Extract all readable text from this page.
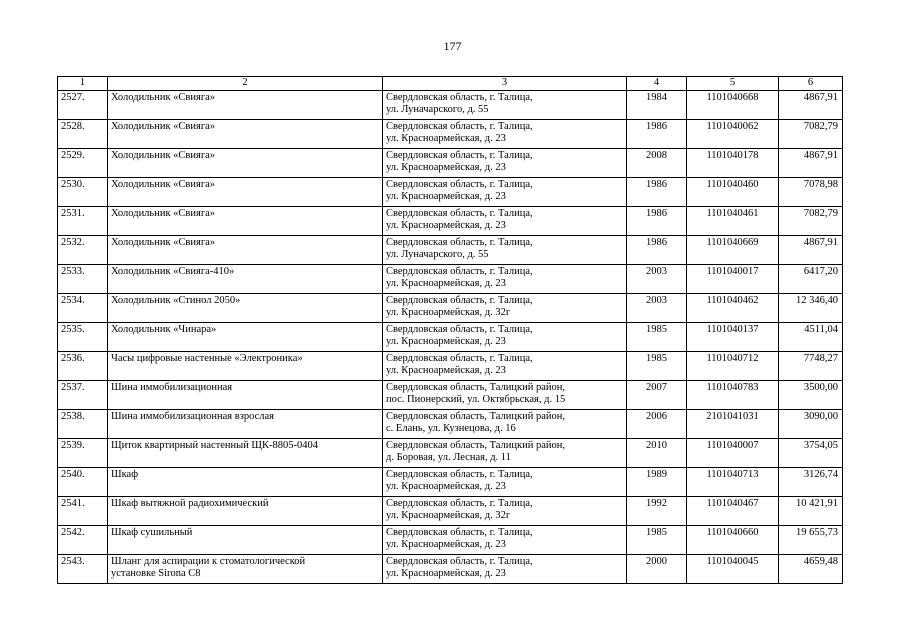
177
1	2	3	4	5	6
2527.	Холодильник «Свияга»	Свердловская область, г. Талица,
ул. Луначарского, д. 55	1984	1101040668	4867,91
2528.	Холодильник «Свияга»	Свердловская область, г. Талица,
ул. Красноармейская, д. 23	1986	1101040062	7082,79
2529.	Холодильник «Свияга»	Свердловская область, г. Талица,
ул. Красноармейская, д. 23	2008	1101040178	4867,91
2530.	Холодильник «Свияга»	Свердловская область, г. Талица,
ул. Красноармейская, д. 23	1986	1101040460	7078,98
2531.	Холодильник «Свияга»	Свердловская область, г. Талица,
ул. Красноармейская, д. 23	1986	1101040461	7082,79
2532.	Холодильник «Свияга»	Свердловская область, г. Талица,
ул. Луначарского, д. 55	1986	1101040669	4867,91
2533.	Холодильник «Свияга-410»	Свердловская область, г. Талица,
ул. Красноармейская, д. 23	2003	1101040017	6417,20
2534.	Холодильник «Стинол 2050»	Свердловская область, г. Талица,
ул. Красноармейская, д. 32г	2003	1101040462	12 346,40
2535.	Холодильник «Чинара»	Свердловская область, г. Талица,
ул. Красноармейская, д. 23	1985	1101040137	4511,04
2536.	Часы цифровые настенные «Электроника»	Свердловская область, г. Талица,
ул. Красноармейская, д. 23	1985	1101040712	7748,27
2537.	Шина иммобилизационная	Свердловская область, Талицкий район,
пос. Пионерский, ул. Октябрьская, д. 15	2007	1101040783	3500,00
2538.	Шина иммобилизационная взрослая	Свердловская область, Талицкий район,
с. Елань, ул. Кузнецова, д. 16	2006	2101041031	3090,00
2539.	Щиток квартирный настенный ЩК-8805-0404	Свердловская область, Талицкий район,
д. Боровая, ул. Лесная, д. 11	2010	1101040007	3754,05
2540.	Шкаф	Свердловская область, г. Талица,
ул. Красноармейская, д. 23	1989	1101040713	3126,74
2541.	Шкаф вытяжной радиохимический	Свердловская область, г. Талица,
ул. Красноармейская, д. 32г	1992	1101040467	10 421,91
2542.	Шкаф сушильный	Свердловская область, г. Талица,
ул. Красноармейская, д. 23	1985	1101040660	19 655,73
2543.	Шланг для аспирации к стоматологической
установке Sirona C8	Свердловская область, г. Талица,
ул. Красноармейская, д. 23	2000	1101040045	4659,48
